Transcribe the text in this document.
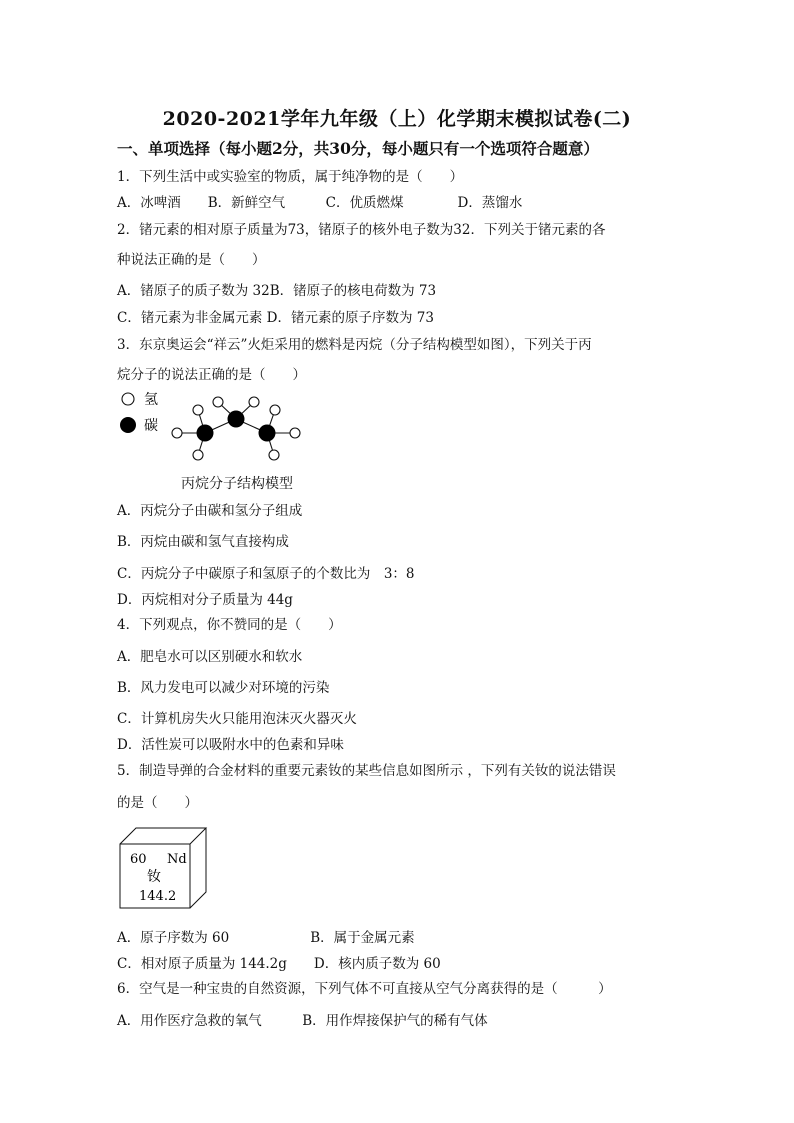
2020-2021学年九年级（上）化学期末模拟试卷(二)
一、单项选择（每小题2分，共30分，每小题只有一个选项符合题意）
1．下列生活中或实验室的物质，属于纯净物的是（　　）
A．冰啤酒　　B．新鲜空气　　　C．优质燃煤　　　　D．蒸馏水
2．锗元素的相对原子质量为73，锗原子的核外电子数为32．下列关于锗元素的各
种说法正确的是（　　）
A．锗原子的质子数为 32B．锗原子的核电荷数为 73
C．锗元素为非金属元素 D．锗元素的原子序数为 73
3．东京奥运会“祥云”火炬采用的燃料是丙烷（分子结构模型如图），下列关于丙
烷分子的说法正确的是（　　）
氢
碳
丙烷分子结构模型
A．丙烷分子由碳和氢分子组成
B．丙烷由碳和氢气直接构成
C．丙烷分子中碳原子和氢原子的个数比为　3：8
D．丙烷相对分子质量为 44g
4．下列观点，你不赞同的是（　　）
A．肥皂水可以区别硬水和软水
B．风力发电可以减少对环境的污染
C．计算机房失火只能用泡沫灭火器灭火
D．活性炭可以吸附水中的色素和异味
5．制造导弹的合金材料的重要元素钕的某些信息如图所示 ，下列有关钕的说法错误
的是（　　）
60 Nd
钕
144.2
A．原子序数为 60　　　　　　B．属于金属元素
C．相对原子质量为 144.2g　　D．核内质子数为 60
6．空气是一种宝贵的自然资源，下列气体不可直接从空气分离获得的是（　　　）
A．用作医疗急救的氧气　　　B．用作焊接保护气的稀有气体
